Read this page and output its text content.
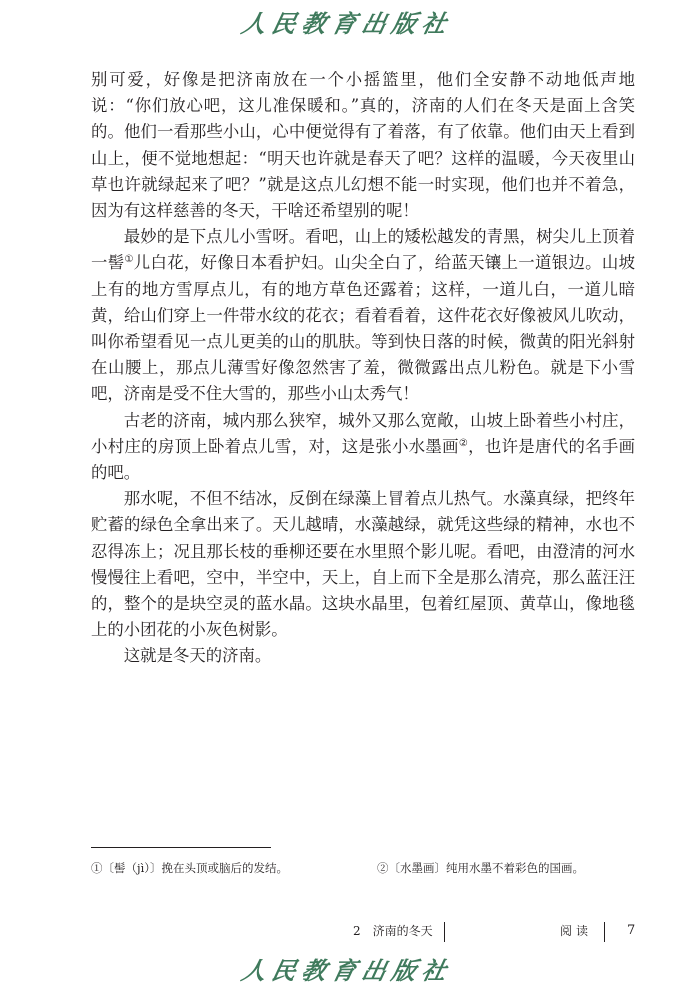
人民教育出版社

别可爱，好像是把济南放在一个小摇篮里，他们全安静不动地低声地说：“你们放心吧，这儿准保暖和。”真的，济南的人们在冬天是面上含笑的。他们一看那些小山，心中便觉得有了着落，有了依靠。他们由天上看到山上，便不觉地想起：“明天也许就是春天了吧？这样的温暖，今天夜里山草也许就绿起来了吧？”就是这点儿幻想不能一时实现，他们也并不着急，因为有这样慈善的冬天，干啥还希望别的呢！

最妙的是下点儿小雪呀。看吧，山上的矮松越发的青黑，树尖儿上顶着一髻①儿白花，好像日本看护妇。山尖全白了，给蓝天镶上一道银边。山坡上有的地方雪厚点儿，有的地方草色还露着；这样，一道儿白，一道儿暗黄，给山们穿上一件带水纹的花衣；看着看着，这件花衣好像被风儿吹动，叫你希望看见一点儿更美的山的肌肤。等到快日落的时候，微黄的阳光斜射在山腰上，那点儿薄雪好像忽然害了羞，微微露出点儿粉色。就是下小雪吧，济南是受不住大雪的，那些小山太秀气！

古老的济南，城内那么狭窄，城外又那么宽敞，山坡上卧着些小村庄，小村庄的房顶上卧着点儿雪，对，这是张小水墨画②，也许是唐代的名手画的吧。

那水呢，不但不结冰，反倒在绿藻上冒着点儿热气。水藻真绿，把终年贮蓄的绿色全拿出来了。天儿越晴，水藻越绿，就凭这些绿的精神，水也不忍得冻上；况且那长枝的垂柳还要在水里照个影儿呢。看吧，由澄清的河水慢慢往上看吧，空中，半空中，天上，自上而下全是那么清亮，那么蓝汪汪的，整个的是块空灵的蓝水晶。这块水晶里，包着红屋顶、黄草山，像地毯上的小团花的小灰色树影。

这就是冬天的济南。

①〔髻（jì）〕挽在头顶或脑后的发结。	②〔水墨画〕纯用水墨不着彩色的国画。
2　济南的冬天	阅读	7
人民教育出版社
